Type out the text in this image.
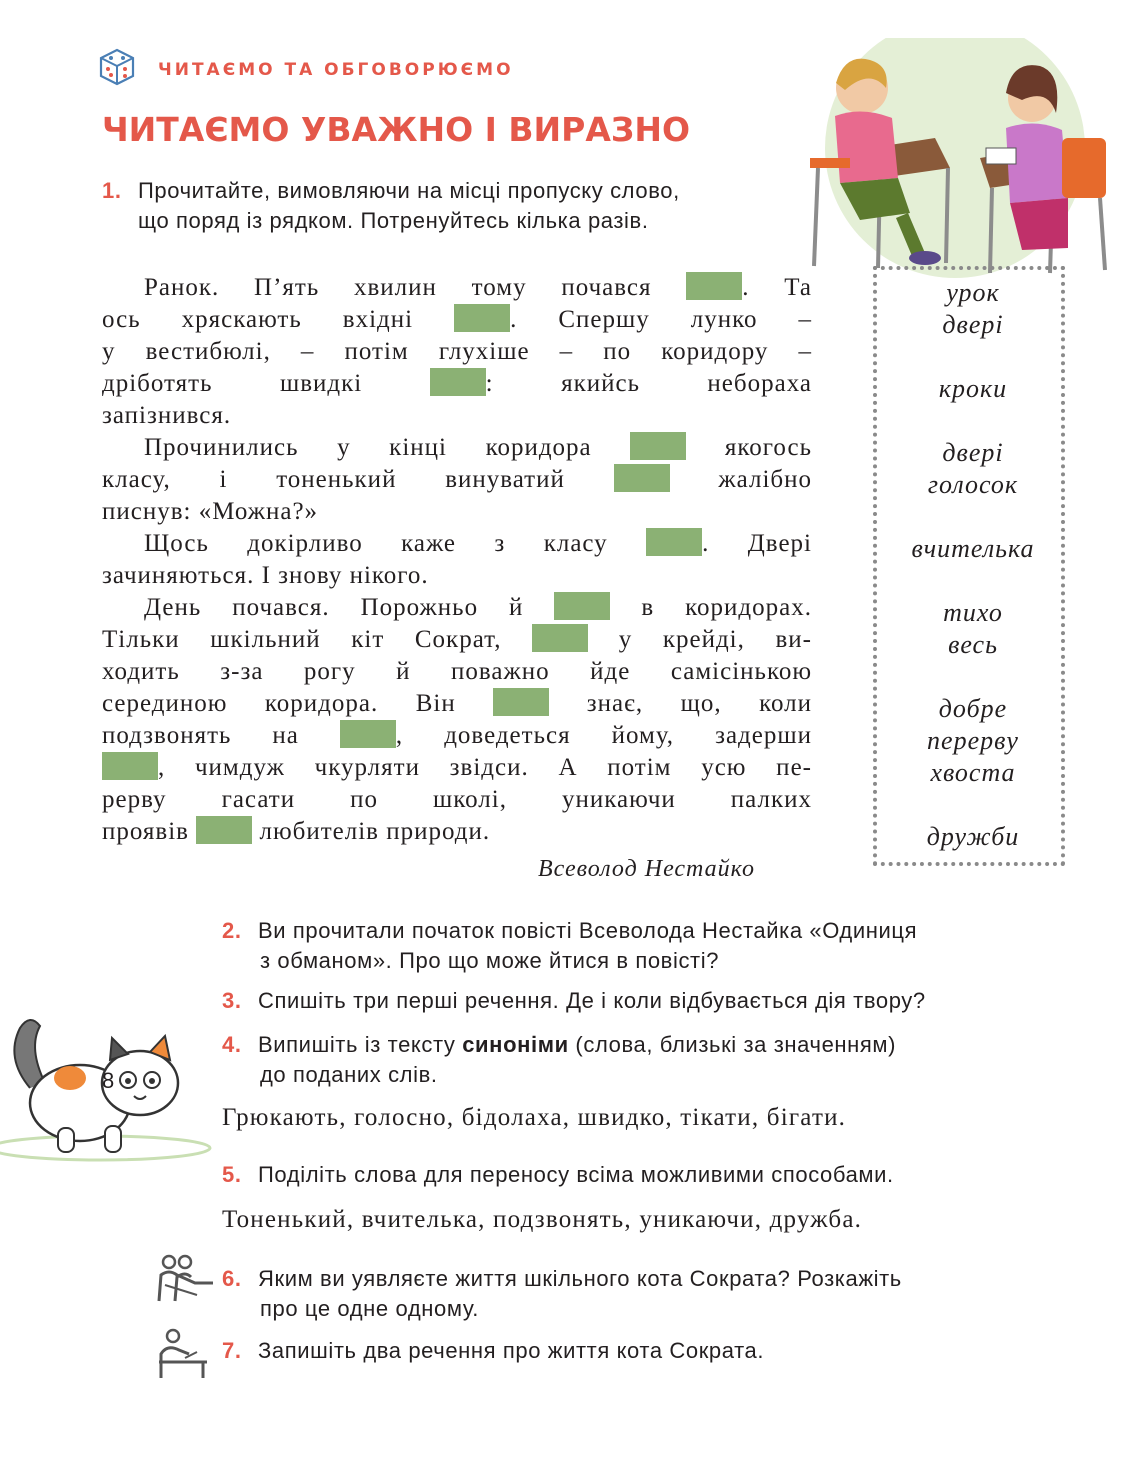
ЧИТАЄМО ТА ОБГОВОРЮЄМО
ЧИТАЄМО УВАЖНО І ВИРАЗНО
1. Прочитайте, вимовляючи на місці пропуску слово,
що поряд із рядком. Потренуйтесь кілька разів.
Ранок. П’ять хвилин тому почався . Та
ось хряскають вхідні . Спершу лунко –
у вестибюлі, – потім глухіше – по коридору –
дріботять швидкі : якийсь небораха
запізнився.
Прочинились у кінці коридора  якогось
класу, і тоненький винуватий  жалібно
писнув: «Можна?»
Щось докірливо каже з класу . Двері
зачиняються. І знову нікого.
День почався. Порожньо й  в коридорах.
Тільки шкільний кіт Сократ,  у крейді, ви-
ходить з-за рогу й поважно йде самісінькою
серединою коридора. Він  знає, що, коли
подзвонять на , доведеться йому, задерши
, чимдуж чкурляти звідси. А потім усю пе-
рерву гасати по школі, уникаючи палких
проявів  любителів природи.
Всеволод Нестайко
урок
двері
кроки
двері
голосок
вчителька
тихо
весь
добре
перерву
хвоста
дружби
2. Ви прочитали початок повісті Всеволода Нестайка «Одиниця
з обманом». Про що може йтися в повісті?
3. Спишіть три перші речення. Де і коли відбувається дія твору?
4. Випишіть із тексту синоніми (слова, близькі за значенням)
до поданих слів.
Грюкають, голосно, бідолаха, швидко, тікати, бігати.
5. Поділіть слова для переносу всіма можливими способами.
Тоненький, вчителька, подзвонять, уникаючи, дружба.
6. Яким ви уявляєте життя шкільного кота Сократа? Розкажіть
про це одне одному.
7. Запишіть два речення про життя кота Сократа.
8
